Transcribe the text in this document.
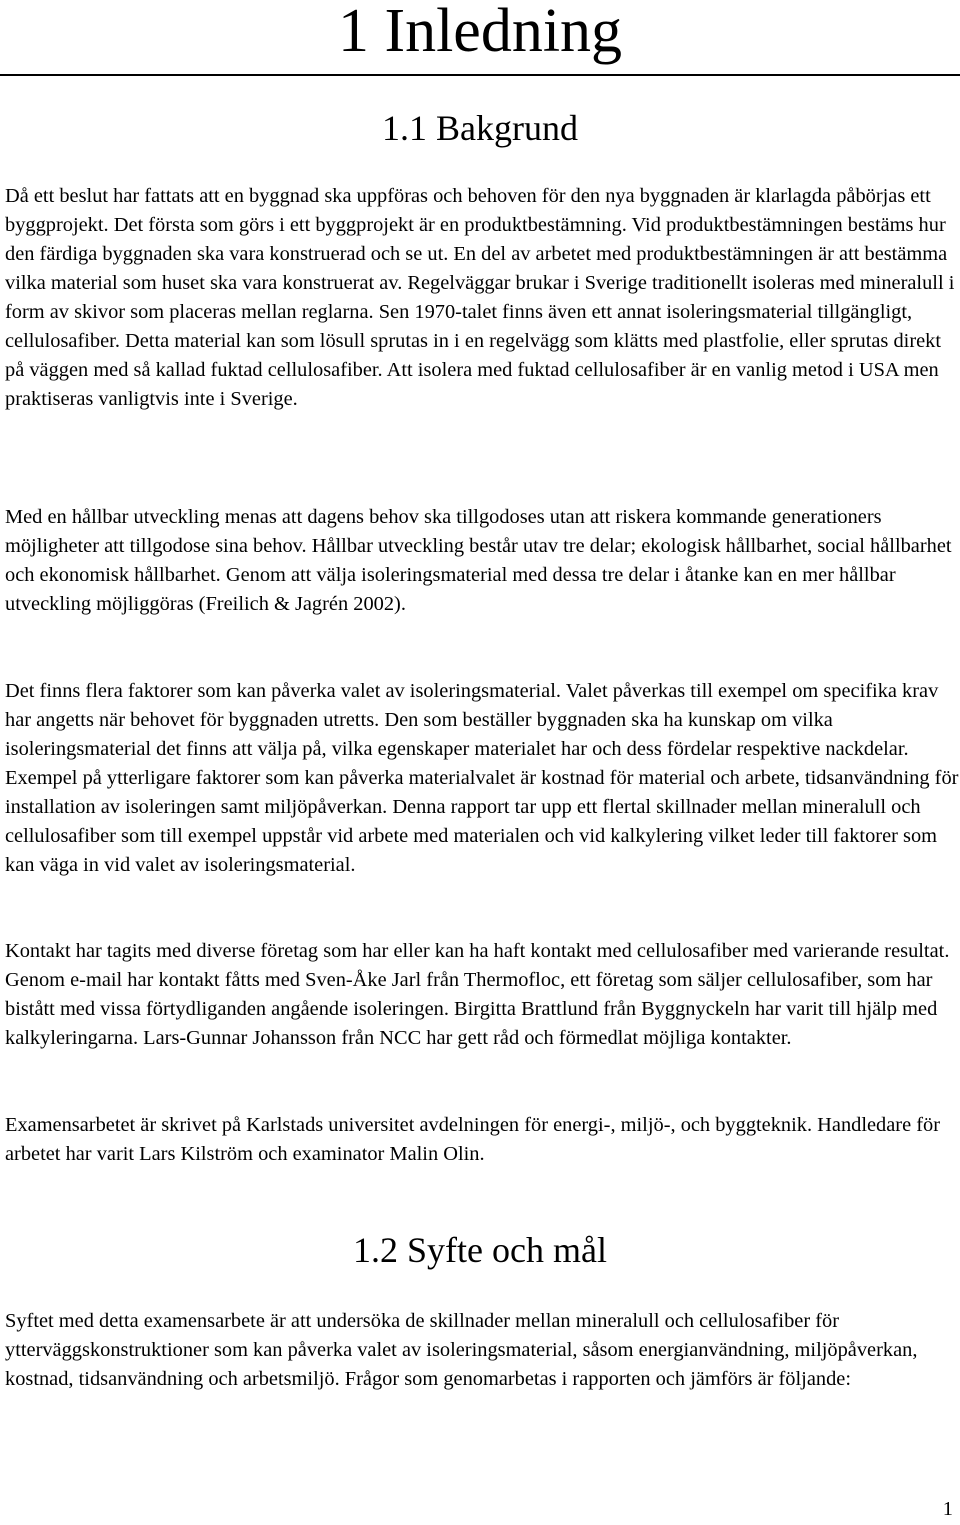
1 Inledning
1.1 Bakgrund

Då ett beslut har fattats att en byggnad ska uppföras och behoven för den nya byggnaden är klarlagda påbörjas ett byggprojekt. Det första som görs i ett byggprojekt är en produktbestämning. Vid produktbestämningen bestäms hur den färdiga byggnaden ska vara konstruerad och se ut. En del av arbetet med produktbestämningen är att bestämma vilka material som huset ska vara konstruerat av. Regelväggar brukar i Sverige traditionellt isoleras med mineralull i form av skivor som placeras mellan reglarna. Sen 1970-talet finns även ett annat isoleringsmaterial tillgängligt, cellulosafiber. Detta material kan som lösull sprutas in i en regelvägg som klätts med plastfolie, eller sprutas direkt på väggen med så kallad fuktad cellulosafiber. Att isolera med fuktad cellulosafiber är en vanlig metod i USA men praktiseras vanligtvis inte i Sverige.

Med en hållbar utveckling menas att dagens behov ska tillgodoses utan att riskera kommande generationers möjligheter att tillgodose sina behov. Hållbar utveckling består utav tre delar; ekologisk hållbarhet, social hållbarhet och ekonomisk hållbarhet. Genom att välja isoleringsmaterial med dessa tre delar i åtanke kan en mer hållbar utveckling möjliggöras (Freilich & Jagrén 2002).

Det finns flera faktorer som kan påverka valet av isoleringsmaterial. Valet påverkas till exempel om specifika krav har angetts när behovet för byggnaden utretts. Den som beställer byggnaden ska ha kunskap om vilka isoleringsmaterial det finns att välja på, vilka egenskaper materialet har och dess fördelar respektive nackdelar. Exempel på ytterligare faktorer som kan påverka materialvalet är kostnad för material och arbete, tidsanvändning för installation av isoleringen samt miljöpåverkan. Denna rapport tar upp ett flertal skillnader mellan mineralull och cellulosafiber som till exempel uppstår vid arbete med materialen och vid kalkylering vilket leder till faktorer som kan väga in vid valet av isoleringsmaterial.

Kontakt har tagits med diverse företag som har eller kan ha haft kontakt med cellulosafiber med varierande resultat. Genom e-mail har kontakt fåtts med Sven-Åke Jarl från Thermofloc, ett företag som säljer cellulosafiber, som har bistått med vissa förtydliganden angående isoleringen. Birgitta Brattlund från Byggnyckeln har varit till hjälp med kalkyleringarna. Lars-Gunnar Johansson från NCC har gett råd och förmedlat möjliga kontakter.

Examensarbetet är skrivet på Karlstads universitet avdelningen för energi-, miljö-, och byggteknik. Handledare för arbetet har varit Lars Kilström och examinator Malin Olin.

1.2 Syfte och mål

Syftet med detta examensarbete är att undersöka de skillnader mellan mineralull och cellulosafiber för ytterväggskonstruktioner som kan påverka valet av isoleringsmaterial, såsom energianvändning, miljöpåverkan, kostnad, tidsanvändning och arbetsmiljö. Frågor som genomarbetas i rapporten och jämförs är följande:

1
